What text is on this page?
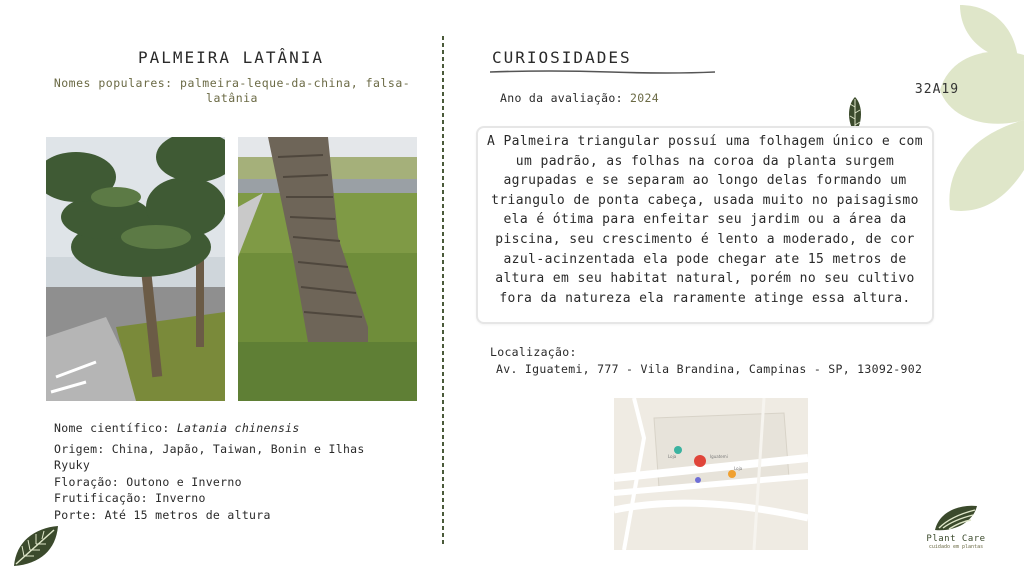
PALMEIRA LATÂNIA
Nomes populares: palmeira-leque-da-china, falsa-latânia
Nome científico: Latania chinensis
Origem: China, Japão, Taiwan, Bonin e Ilhas Ryuky
Floração: Outono e Inverno
Frutificação: Inverno
Porte: Até 15 metros de altura
CURIOSIDADES
Ano da avaliação: 2024
32A19

A Palmeira triangular possuí uma folhagem único e com um padrão, as folhas na coroa da planta surgem agrupadas e se separam ao longo delas formando um triangulo de ponta cabeça, usada muito no paisagismo ela é ótima para enfeitar seu jardim ou a área da piscina, seu crescimento é lento a moderado, de cor azul-acinzentada ela pode chegar ate 15 metros de altura em seu habitat natural, porém no seu cultivo fora da natureza ela raramente atinge essa altura.

Localização:
Av. Iguatemi, 777 - Vila Brandina, Campinas - SP, 13092-902
Loja
Loja
Iguatemi
Plant Care
cuidado em plantas
